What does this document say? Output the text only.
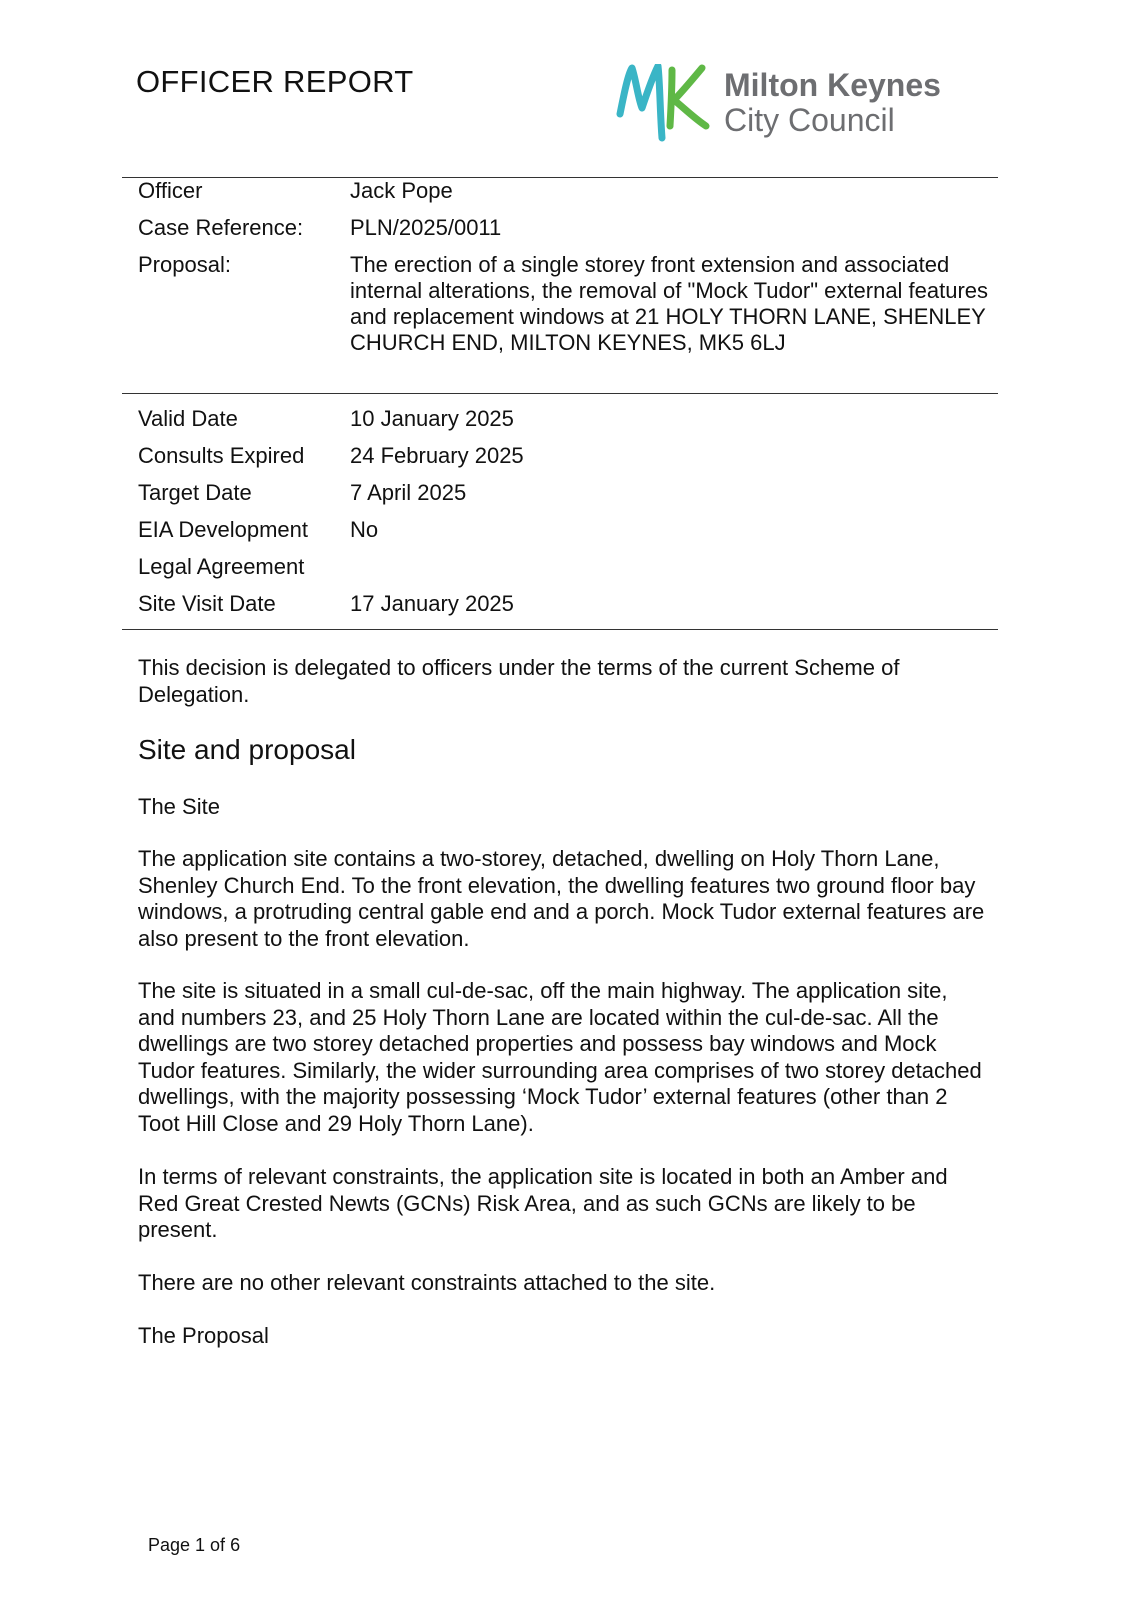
OFFICER REPORT	Milton Keynes
City Council
Officer	Jack Pope
Case Reference: PLN/2025/0011
Proposal:	The erection of a single storey front extension and associated internal alterations, the removal of "Mock Tudor" external features and replacement windows at 21 HOLY THORN LANE, SHENLEY CHURCH END, MILTON KEYNES, MK5 6LJ
Valid Date	10 January 2025
Consults Expired 24 February 2025
Target Date	7 April 2025
EIA Development No
Legal Agreement
Site Visit Date	17 January 2025

This decision is delegated to officers under the terms of the current Scheme of Delegation.

Site and proposal
The Site

The application site contains a two-storey, detached, dwelling on Holy Thorn Lane, Shenley Church End. To the front elevation, the dwelling features two ground floor bay windows, a protruding central gable end and a porch. Mock Tudor external features are also present to the front elevation.

The site is situated in a small cul-de-sac, off the main highway. The application site, and numbers 23, and 25 Holy Thorn Lane are located within the cul-de-sac. All the dwellings are two storey detached properties and possess bay windows and Mock Tudor features. Similarly, the wider surrounding area comprises of two storey detached dwellings, with the majority possessing ‘Mock Tudor’ external features (other than 2 Toot Hill Close and 29 Holy Thorn Lane).

In terms of relevant constraints, the application site is located in both an Amber and Red Great Crested Newts (GCNs) Risk Area, and as such GCNs are likely to be present.

There are no other relevant constraints attached to the site.

The Proposal
Page 1 of 6
